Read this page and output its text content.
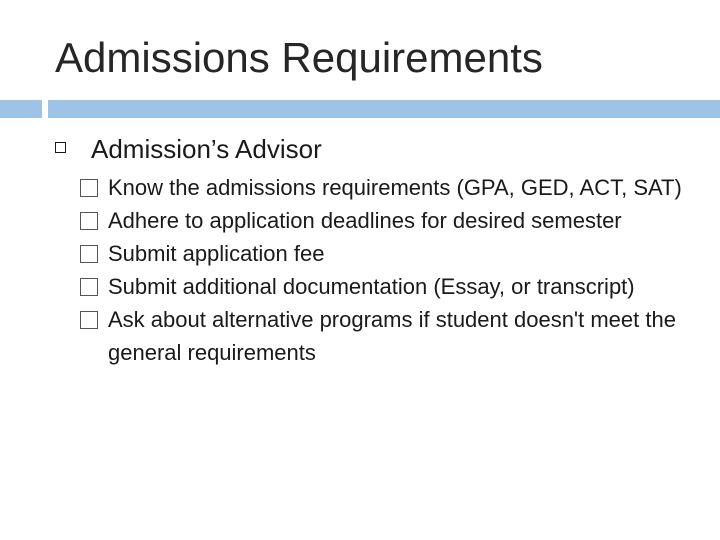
Admissions Requirements
Admission’s Advisor
Know the admissions requirements (GPA, GED, ACT, SAT)
Adhere to application deadlines for desired semester
Submit application fee
Submit additional documentation (Essay, or transcript)
Ask about alternative programs if student doesn't meet the general requirements
